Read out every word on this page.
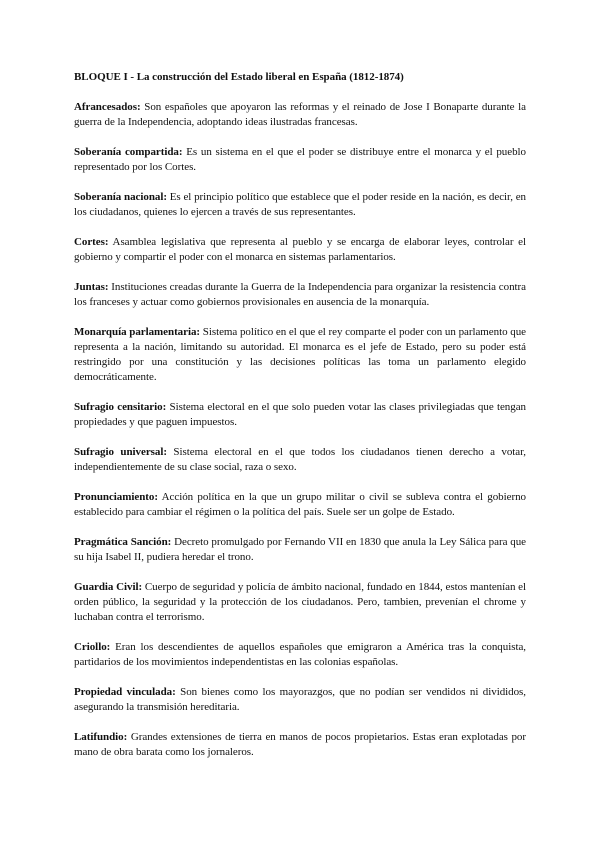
BLOQUE I - La construcción del Estado liberal en España (1812-1874)

Afrancesados: Son españoles que apoyaron las reformas y el reinado de Jose I Bonaparte durante la guerra de la Independencia, adoptando ideas ilustradas francesas.

Soberanía compartida: Es un sistema en el que el poder se distribuye entre el monarca y el pueblo representado por los Cortes.

Soberanía nacional: Es el principio político que establece que el poder reside en la nación, es decir, en los ciudadanos, quienes lo ejercen a través de sus representantes.

Cortes: Asamblea legislativa que representa al pueblo y se encarga de elaborar leyes, controlar el gobierno y compartir el poder con el monarca en sistemas parlamentarios.

Juntas: Instituciones creadas durante la Guerra de la Independencia para organizar la resistencia contra los franceses y actuar como gobiernos provisionales en ausencia de la monarquía.

Monarquía parlamentaria: Sistema político en el que el rey comparte el poder con un parlamento que representa a la nación, limitando su autoridad. El monarca es el jefe de Estado, pero su poder está restringido por una constitución y las decisiones políticas las toma un parlamento elegido democráticamente.

Sufragio censitario: Sistema electoral en el que solo pueden votar las clases privilegiadas que tengan propiedades y que paguen impuestos.

Sufragio universal: Sistema electoral en el que todos los ciudadanos tienen derecho a votar, independientemente de su clase social, raza o sexo.

Pronunciamiento: Acción política en la que un grupo militar o civil se subleva contra el gobierno establecido para cambiar el régimen o la política del país. Suele ser un golpe de Estado.

Pragmática Sanción: Decreto promulgado por Fernando VII en 1830 que anula la Ley Sálica para que su hija Isabel II, pudiera heredar el trono.

Guardia Civil: Cuerpo de seguridad y policía de ámbito nacional, fundado en 1844, estos mantenían el orden público, la seguridad y la protección de los ciudadanos. Pero, tambien, prevenían el chrome y luchaban contra el terrorismo.

Criollo: Eran los descendientes de aquellos españoles que emigraron a América tras la conquista, partidarios de los movimientos independentistas en las colonias españolas.

Propiedad vinculada: Son bienes como los mayorazgos, que no podían ser vendidos ni divididos, asegurando la transmisión hereditaria.

Latifundio: Grandes extensiones de tierra en manos de pocos propietarios. Estas eran explotadas por mano de obra barata como los jornaleros.
